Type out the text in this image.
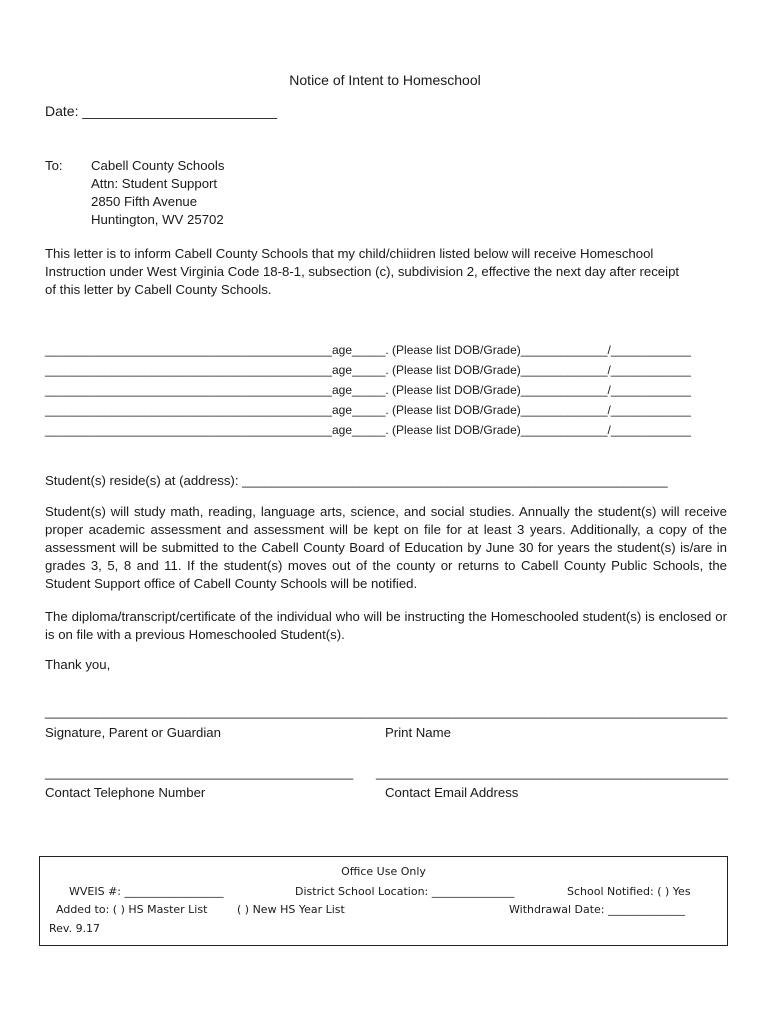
Notice of Intent to Homeschool
Date: _________________________
To: Cabell County Schools
Attn: Student Support
2850 Fifth Avenue
Huntington, WV 25702
This letter is to inform Cabell County Schools that my child/chiidren listed below will receive Homeschool
Instruction under West Virginia Code 18-8-1, subsection (c), subdivision 2, effective the next day after receipt
of this letter by Cabell County Schools.
___________________________________________age_____. (Please list DOB/Grade)_____________/____________
___________________________________________age_____. (Please list DOB/Grade)_____________/____________
___________________________________________age_____. (Please list DOB/Grade)_____________/____________
___________________________________________age_____. (Please list DOB/Grade)_____________/____________
___________________________________________age_____. (Please list DOB/Grade)_____________/____________
Student(s) reside(s) at (address): __________________________________________________________
Student(s) will study math, reading, language arts, science, and social studies. Annually the student(s) will receive proper academic assessment and assessment will be kept on file for at least 3 years. Additionally, a copy of the assessment will be submitted to the Cabell County Board of Education by June 30 for years the student(s) is/are in grades 3, 5, 8 and 11. If the student(s) moves out of the county or returns to Cabell County Public Schools, the Student Support office of Cabell County Schools will be notified.
The diploma/transcript/certificate of the individual who will be instructing the Homeschooled student(s) is enclosed or is on file with a previous Homeschooled Student(s).
Thank you,
____________________________________________ _________________________________________________
Signature, Parent or Guardian	Print Name
__________________________________________ ________________________________________________
Contact Telephone Number	Contact Email Address
Office Use Only
WVEIS #: __________________	District School Location: _______________	School Notified: ( ) Yes
Added to: ( ) HS Master List	( ) New HS Year List	Withdrawal Date: ______________
Rev. 9.17
